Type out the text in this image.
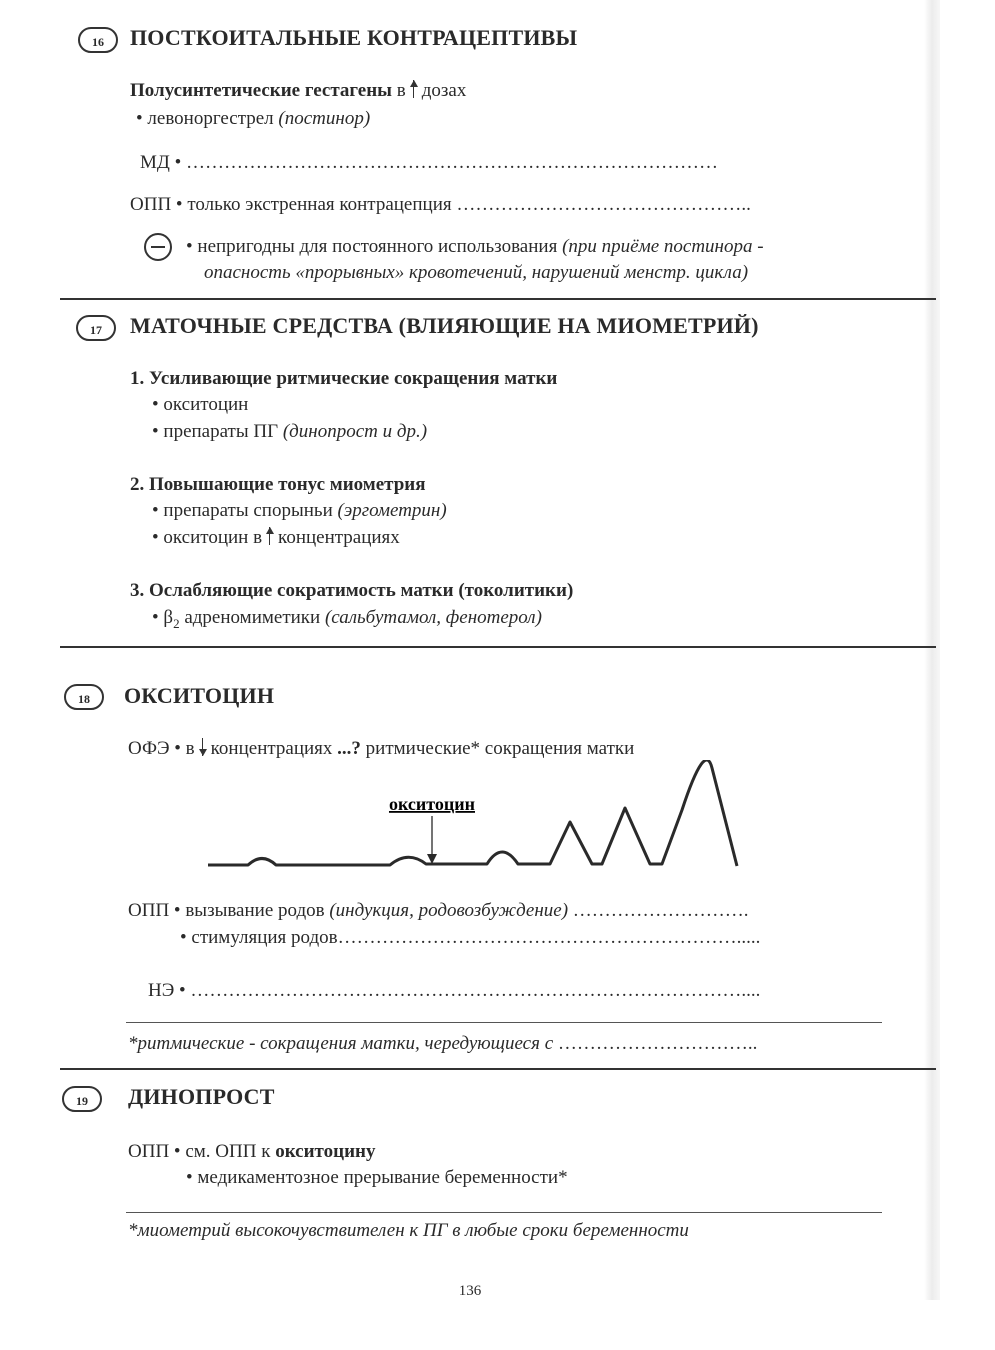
16	ПОСТКОИТАЛЬНЫЕ КОНТРАЦЕПТИВЫ
Полусинтетические гестагены в дозах
• левоноргестрел (постинор)
МД • …………………………………………………………………………
ОПП • только экстренная контрацепция ………………………………………..
• непригодны для постоянного использования (при приёме постинора -
опасность «прорывных» кровотечений, нарушений менстр. цикла)
17	МАТОЧНЫЕ СРЕДСТВА (ВЛИЯЮЩИЕ НА МИОМЕТРИЙ)
1. Усиливающие ритмические сокращения матки
• окситоцин
• препараты ПГ (динопрост и др.)
2. Повышающие тонус миометрия
• препараты спорыньи (эргометрин)
• окситоцин в концентрациях
3. Ослабляющие сократимость матки (токолитики)
• $\beta_2$ адреномиметики (сальбутамол, фенотерол)
18	ОКСИТОЦИН
ОФЭ • в концентрациях ...? ритмические* сокращения матки
окситоцин
ОПП • вызывание родов (индукция, родовозбуждение) ……………………….
• стимуляция родов……………………………………………………….....
НЭ • ……………………………………………………………………………....
*ритмические - сокращения матки, чередующиеся с …………………………..
19	ДИНОПРОСТ
ОПП • см. ОПП к окситоцину
• медикаментозное прерывание беременности*
*миометрий высокочувствителен к ПГ в любые сроки беременности
136
